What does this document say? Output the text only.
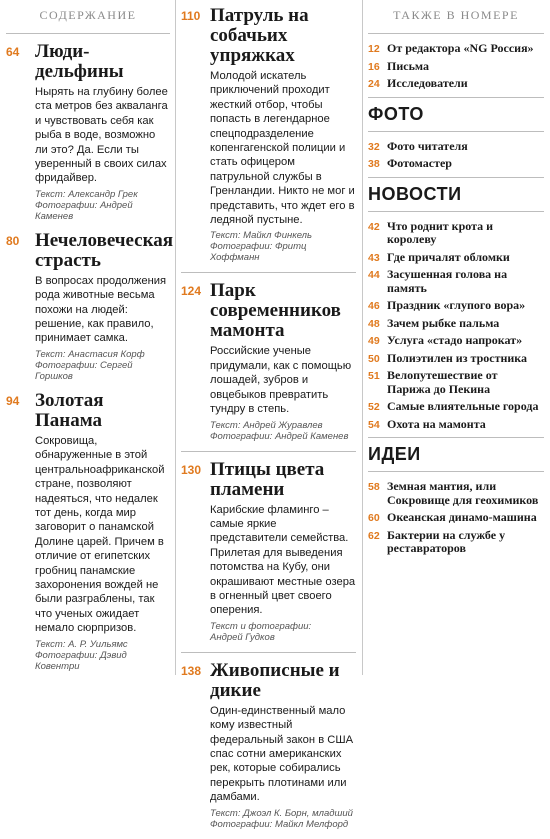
СОДЕРЖАНИЕ
64 Люди-дельфины
Нырять на глубину более ста метров без акваланга и чувствовать себя как рыба в воде, возможно ли это? Да. Если ты уверенный в своих силах фридайвер.
Текст: Александр Грек
Фотографии: Андрей Каменев
80 Нечеловеческая страсть
В вопросах продолжения рода животные весьма похожи на людей: решение, как правило, принимает самка.
Текст: Анастасия Корф
Фотографии: Сергей Горшков
94 Золотая Панама
Сокровища, обнаруженные в этой центральноафриканской стране, позволяют надеяться, что недалек тот день, когда мир заговорит о панамской Долине царей. Причем в отличие от египетских гробниц панамские захоронения вождей не были разграблены, так что ученых ожидает немало сюрпризов.
Текст: А. Р. Уильямс
Фотографии: Дэвид Ковентри
110 Патруль на собачьих упряжках
Молодой искатель приключений проходит жесткий отбор, чтобы попасть в легендарное спецподразделение копенгагенской полиции и стать офицером патрульной службы в Гренландии. Никто не мог и представить, что ждет его в ледяной пустыне.
Текст: Майкл Финкель
Фотографии: Фритц Хоффманн
124 Парк современников мамонта
Российские ученые придумали, как с помощью лошадей, зубров и овцебыков превратить тундру в степь.
Текст: Андрей Журавлев
Фотографии: Андрей Каменев
130 Птицы цвета пламени
Карибские фламинго – самые яркие представители семейства. Прилетая для выведения потомства на Кубу, они окрашивают местные озера в огненный цвет своего оперения.
Текст и фотографии:
Андрей Гудков
138 Живописные и дикие
Один-единственный мало кому известный федеральный закон в США спас сотни американских рек, которые собирались перекрыть плотинами или дамбами.
Текст: Джоэл К. Борн, младший
Фотографии: Майкл Мелфорд
ТАКЖЕ В НОМЕРЕ
12 От редактора «NG Россия»
16 Письма
24 Исследователи
ФОТО
32 Фото читателя
38 Фотомастер
НОВОСТИ
42 Что роднит крота и королеву
43 Где причалят обломки
44 Засушенная голова на память
46 Праздник «глупого вора»
48 Зачем рыбке пальма
49 Услуга «стадо напрокат»
50 Полиэтилен из тростника
51 Велопутешествие от Парижа до Пекина
52 Самые влиятельные города
54 Охота на мамонта
ИДЕИ
58 Земная мантия, или Сокровище для геохимиков
60 Океанская динамо-машина
62 Бактерии на службе у реставраторов
